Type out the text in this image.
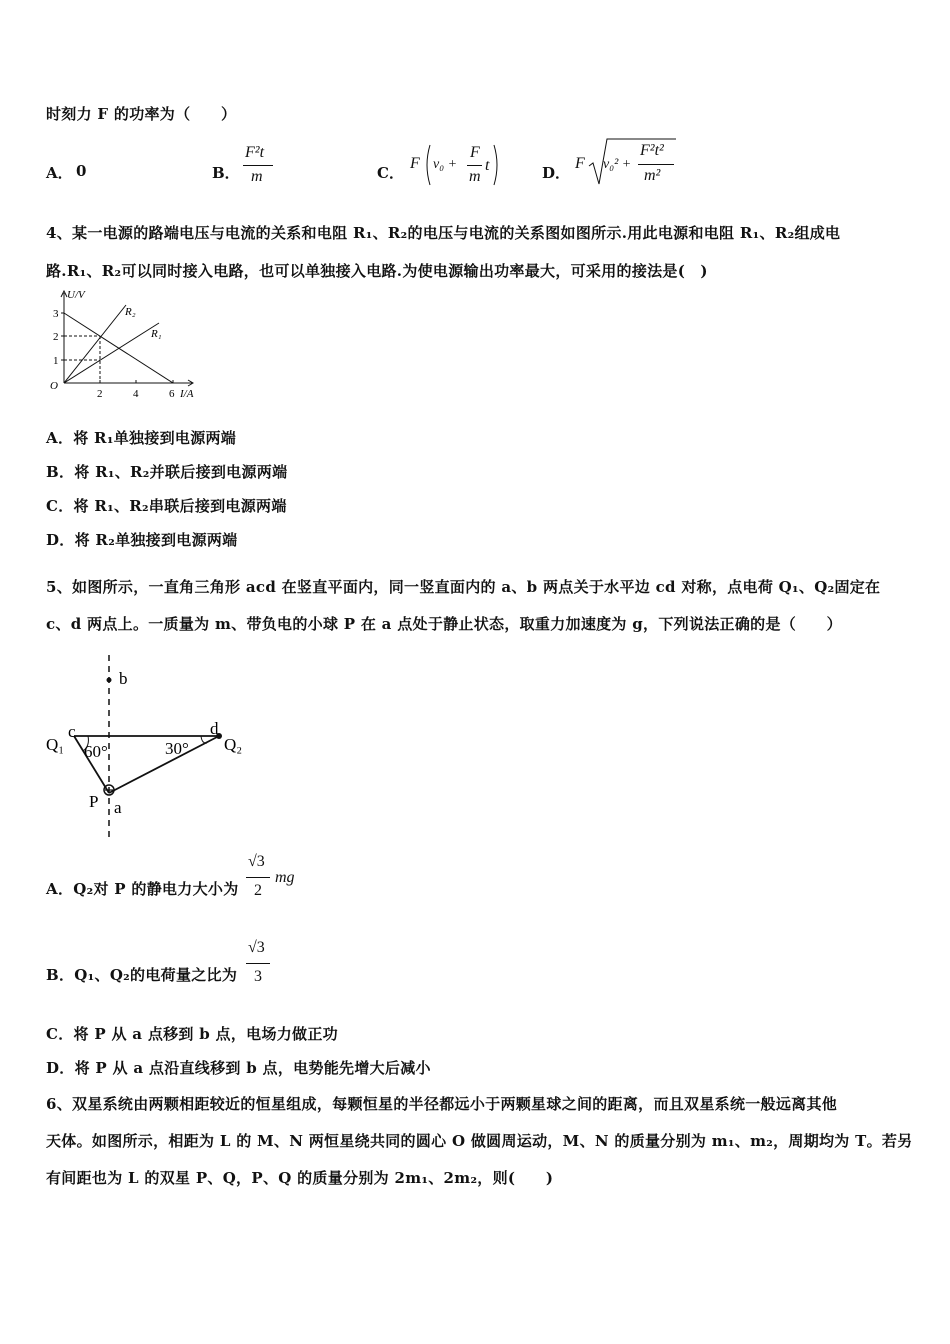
时刻力 F 的功率为（　　）
A． 0	B．
F²t
m	C．
F v₀ +
F
m
t	D．
F v₀² +
F²t²
m²
4、某一电源的路端电压与电流的关系和电阻 R₁、R₂的电压与电流的关系图如图所示.用此电源和电阻 R₁、R₂组成电
路.R₁、R₂可以同时接入电路，也可以单独接入电路.为使电源输出功率最大，可采用的接法是(　)
U/V
I/A
O
3
2
1
2	4	6
R₂
R₁
A．将 R₁单独接到电源两端
B．将 R₁、R₂并联后接到电源两端
C．将 R₁、R₂串联后接到电源两端
D．将 R₂单独接到电源两端
5、如图所示，一直角三角形 acd 在竖直平面内，同一竖直面内的 a、b 两点关于水平边 cd 对称，点电荷 Q₁、Q₂固定在
c、d 两点上。一质量为 m、带负电的小球 P 在 a 点处于静止状态，取重力加速度为 g，下列说法正确的是（　　）
b
c	d
Q₁	Q₂
60°	30°
P a
A．Q₂对 P 的静电力大小为
√3
2
mg
B．Q₁、Q₂的电荷量之比为
√3
3
C．将 P 从 a 点移到 b 点，电场力做正功
D．将 P 从 a 点沿直线移到 b 点，电势能先增大后减小
6、双星系统由两颗相距较近的恒星组成，每颗恒星的半径都远小于两颗星球之间的距离，而且双星系统一般远离其他
天体。如图所示，相距为 L 的 M、N 两恒星绕共同的圆心 O 做圆周运动，M、N 的质量分别为 m₁、m₂，周期均为 T。若另
有间距也为 L 的双星 P、Q，P、Q 的质量分别为 2m₁、2m₂，则(　　)
